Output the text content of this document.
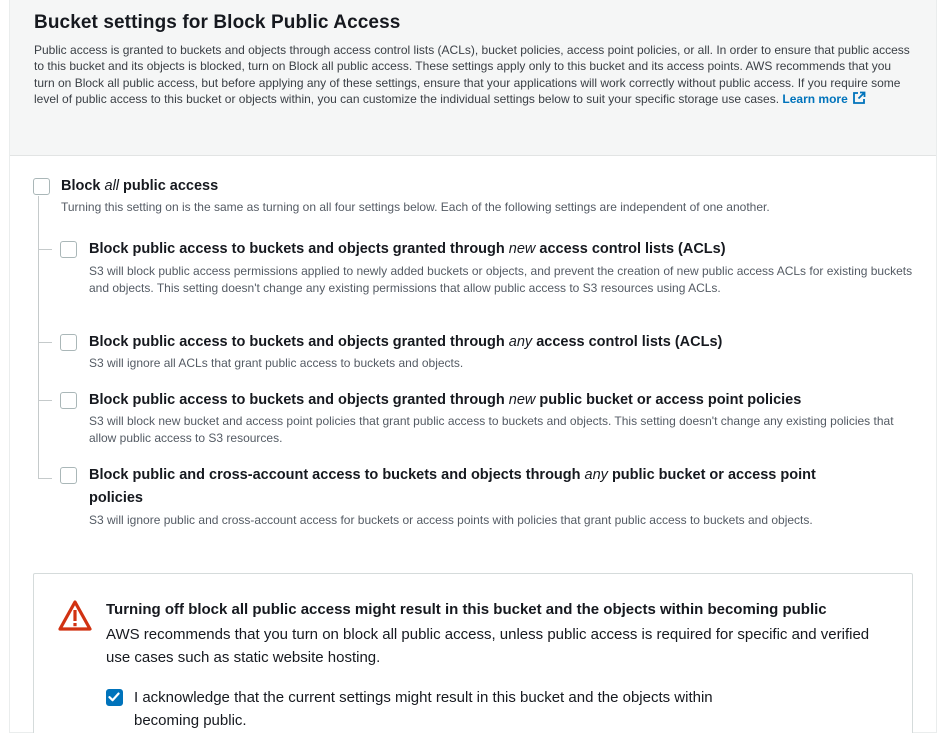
Bucket settings for Block Public Access
Public access is granted to buckets and objects through access control lists (ACLs), bucket policies, access point policies, or all. In order to ensure that public access to this bucket and its objects is blocked, turn on Block all public access. These settings apply only to this bucket and its access points. AWS recommends that you turn on Block all public access, but before applying any of these settings, ensure that your applications will work correctly without public access. If you require some level of public access to this bucket or objects within, you can customize the individual settings below to suit your specific storage use cases. Learn more
Block all public access
Turning this setting on is the same as turning on all four settings below. Each of the following settings are independent of one another.
Block public access to buckets and objects granted through new access control lists (ACLs)
S3 will block public access permissions applied to newly added buckets or objects, and prevent the creation of new public access ACLs for existing buckets and objects. This setting doesn't change any existing permissions that allow public access to S3 resources using ACLs.
Block public access to buckets and objects granted through any access control lists (ACLs)
S3 will ignore all ACLs that grant public access to buckets and objects.
Block public access to buckets and objects granted through new public bucket or access point policies
S3 will block new bucket and access point policies that grant public access to buckets and objects. This setting doesn't change any existing policies that allow public access to S3 resources.
Block public and cross-account access to buckets and objects through any public bucket or access point
policies
S3 will ignore public and cross-account access for buckets or access points with policies that grant public access to buckets and objects.
Turning off block all public access might result in this bucket and the objects within becoming public
AWS recommends that you turn on block all public access, unless public access is required for specific and verified use cases such as static website hosting.
I acknowledge that the current settings might result in this bucket and the objects within becoming public.
